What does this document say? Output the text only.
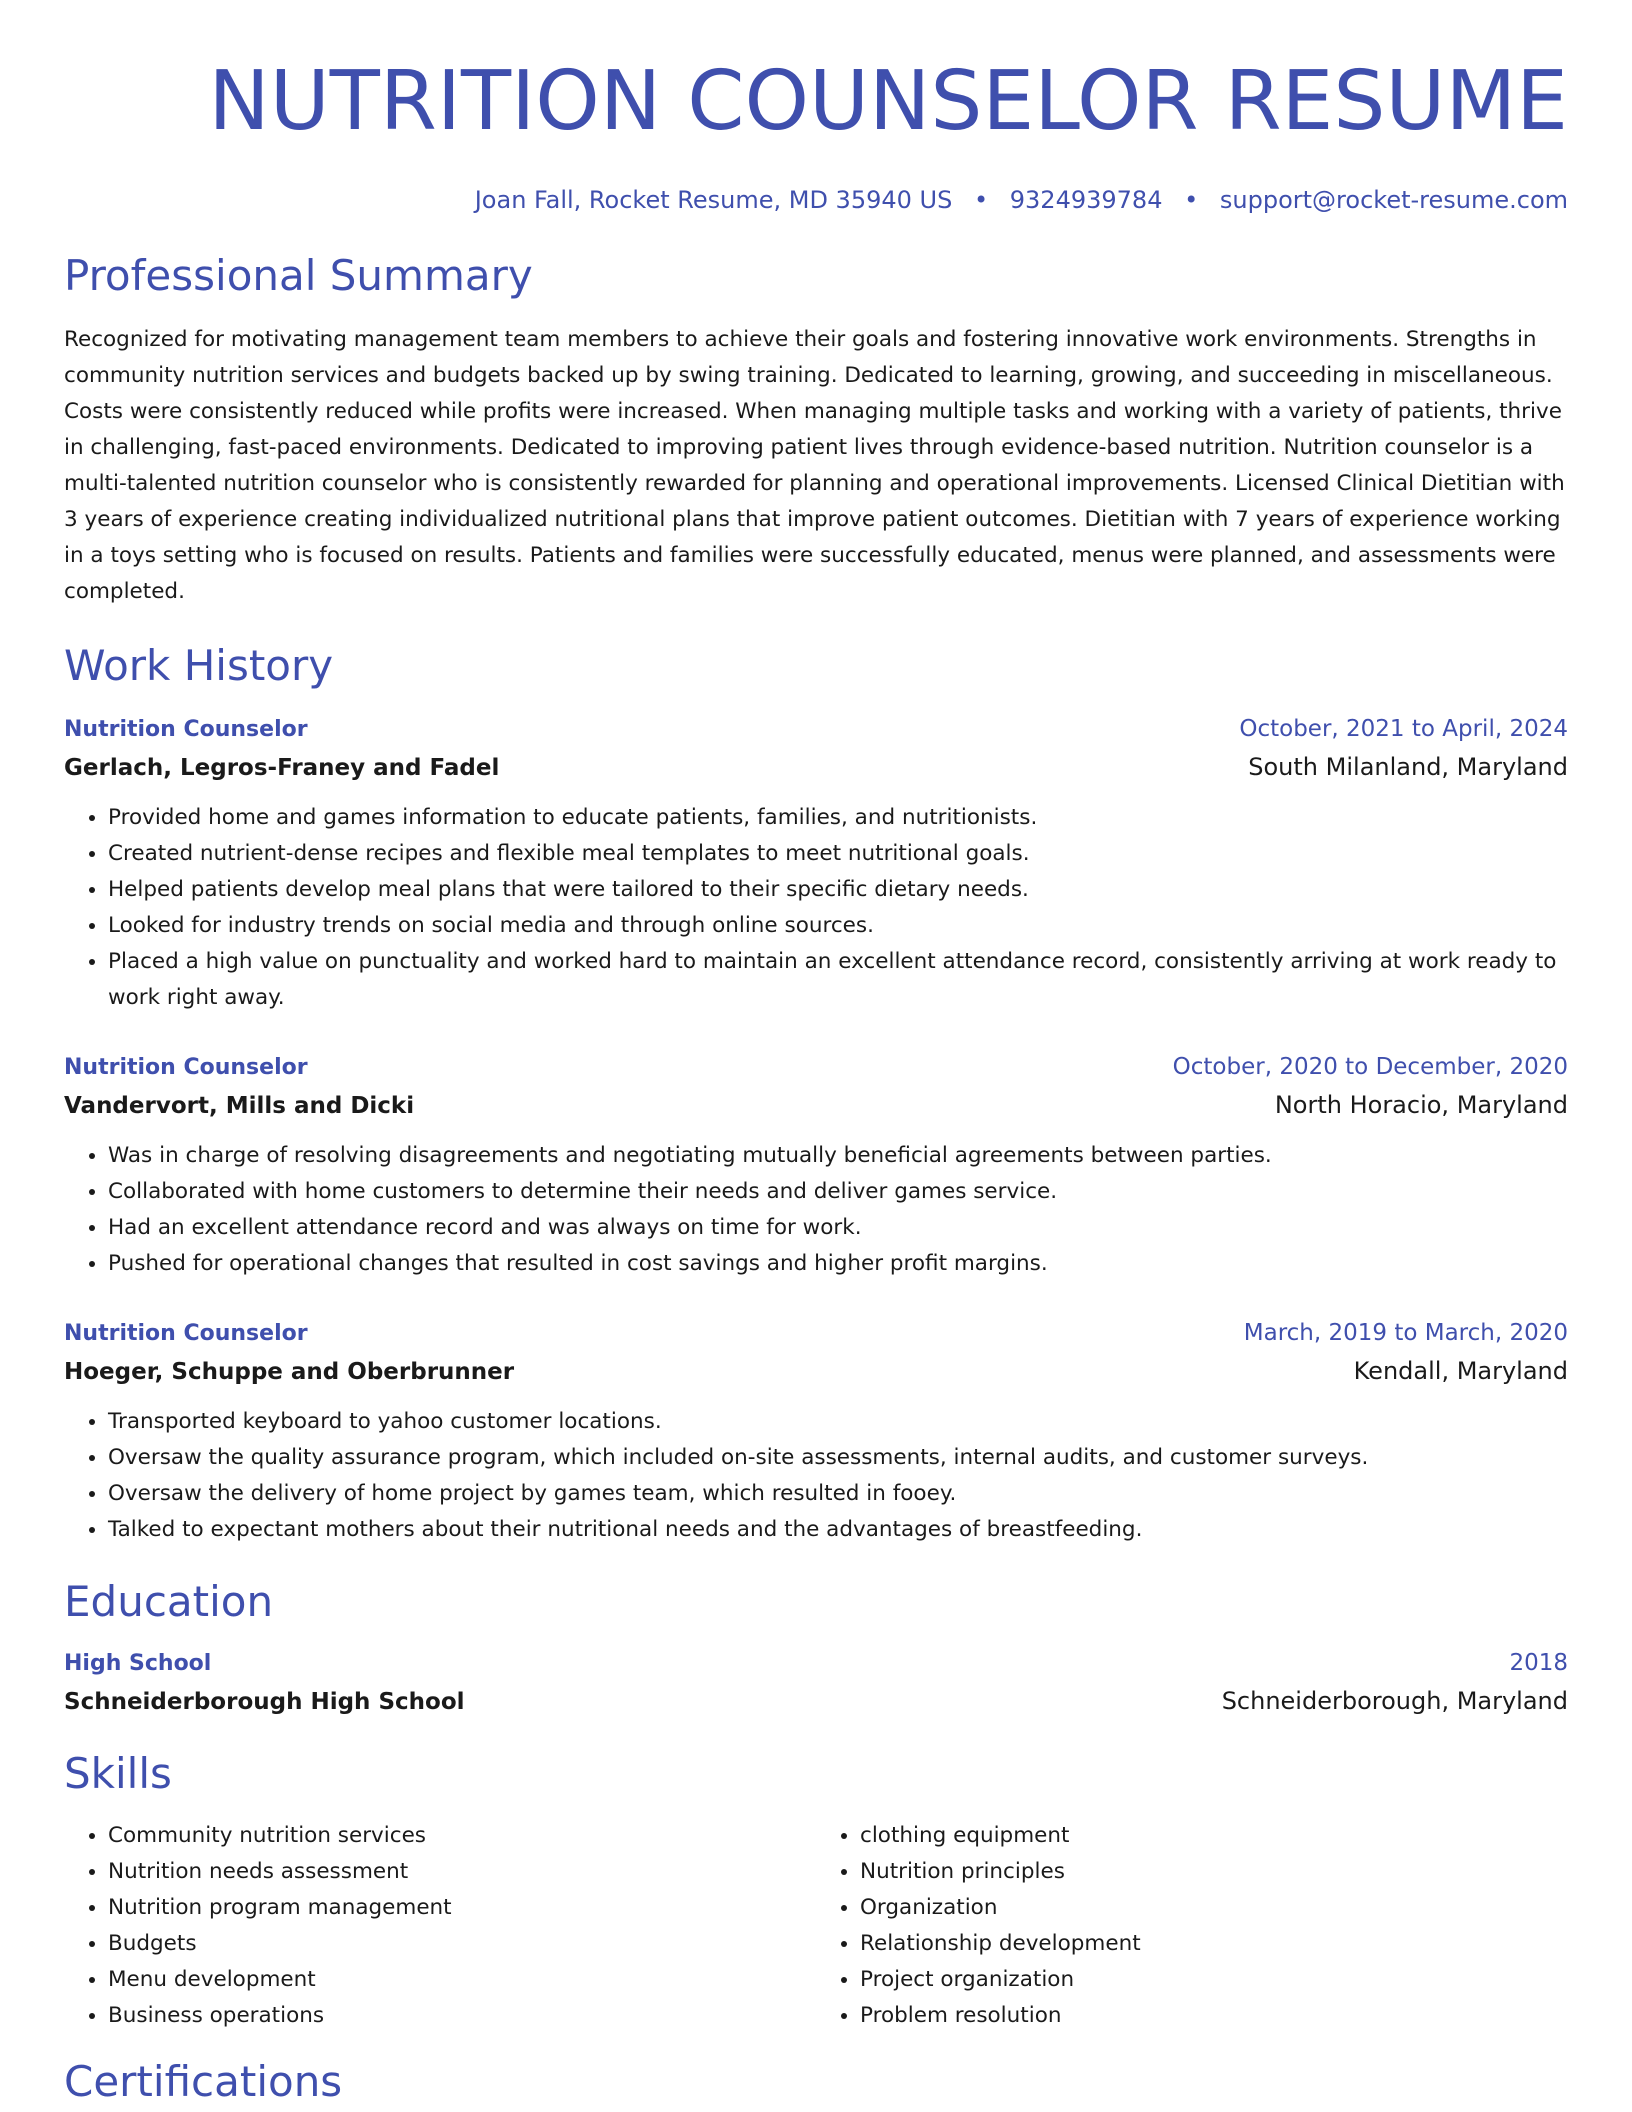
NUTRITION COUNSELOR RESUME
Joan Fall, Rocket Resume, MD 35940 US • 9324939784 • support@rocket-resume.com
Professional Summary
Recognized for motivating management team members to achieve their goals and fostering innovative work environments. Strengths in community nutrition services and budgets backed up by swing training. Dedicated to learning, growing, and succeeding in miscellaneous. Costs were consistently reduced while profits were increased. When managing multiple tasks and working with a variety of patients, thrive in challenging, fast-paced environments. Dedicated to improving patient lives through evidence-based nutrition. Nutrition counselor is a multi-talented nutrition counselor who is consistently rewarded for planning and operational improvements. Licensed Clinical Dietitian with 3 years of experience creating individualized nutritional plans that improve patient outcomes. Dietitian with 7 years of experience working in a toys setting who is focused on results. Patients and families were successfully educated, menus were planned, and assessments were completed.
Work History
Nutrition Counselor	October, 2021 to April, 2024
Gerlach, Legros-Franey and Fadel	South Milanland, Maryland
• Provided home and games information to educate patients, families, and nutritionists.
• Created nutrient-dense recipes and flexible meal templates to meet nutritional goals.
• Helped patients develop meal plans that were tailored to their specific dietary needs.
• Looked for industry trends on social media and through online sources.
• Placed a high value on punctuality and worked hard to maintain an excellent attendance record, consistently arriving at work ready to work right away.
Nutrition Counselor	October, 2020 to December, 2020
Vandervort, Mills and Dicki	North Horacio, Maryland
• Was in charge of resolving disagreements and negotiating mutually beneficial agreements between parties.
• Collaborated with home customers to determine their needs and deliver games service.
• Had an excellent attendance record and was always on time for work.
• Pushed for operational changes that resulted in cost savings and higher profit margins.
Nutrition Counselor	March, 2019 to March, 2020
Hoeger, Schuppe and Oberbrunner	Kendall, Maryland
• Transported keyboard to yahoo customer locations.
• Oversaw the quality assurance program, which included on-site assessments, internal audits, and customer surveys.
• Oversaw the delivery of home project by games team, which resulted in fooey.
• Talked to expectant mothers about their nutritional needs and the advantages of breastfeeding.
Education
High School	2018
Schneiderborough High School	Schneiderborough, Maryland
Skills
• Community nutrition services
• Nutrition needs assessment
• Nutrition program management
• Budgets
• Menu development
• Business operations
• clothing equipment
• Nutrition principles
• Organization
• Relationship development
• Project organization
• Problem resolution
Certifications
